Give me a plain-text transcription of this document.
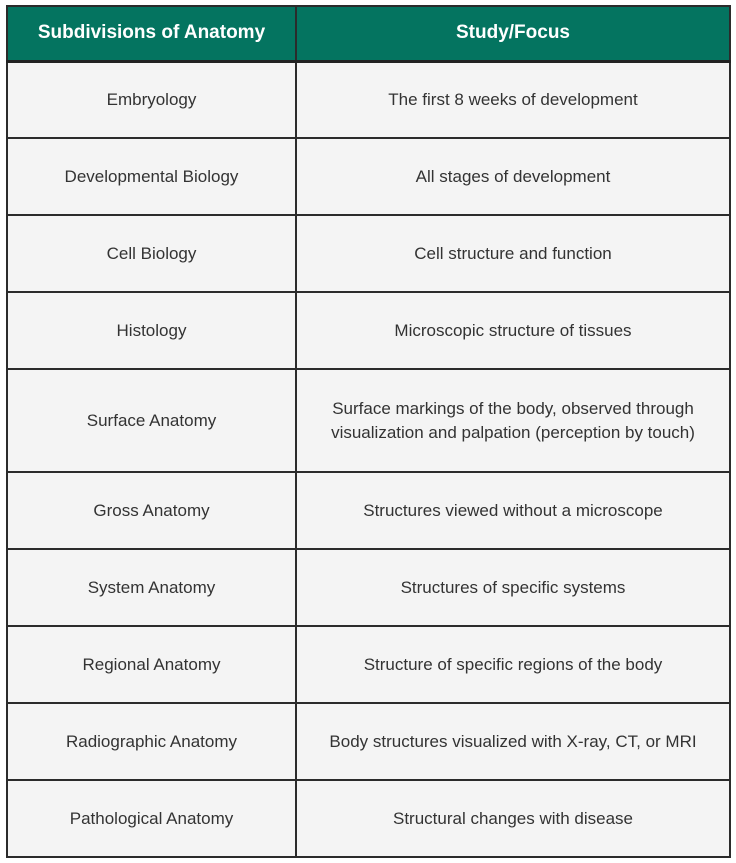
Subdivisions of Anatomy	Study/Focus
Embryology	The first 8 weeks of development
Developmental Biology	All stages of development
Cell Biology	Cell structure and function
Histology	Microscopic structure of tissues
Surface Anatomy	Surface markings of the body, observed through visualization and palpation (perception by touch)
Gross Anatomy	Structures viewed without a microscope
System Anatomy	Structures of specific systems
Regional Anatomy	Structure of specific regions of the body
Radiographic Anatomy	Body structures visualized with X-ray, CT, or MRI
Pathological Anatomy	Structural changes with disease
